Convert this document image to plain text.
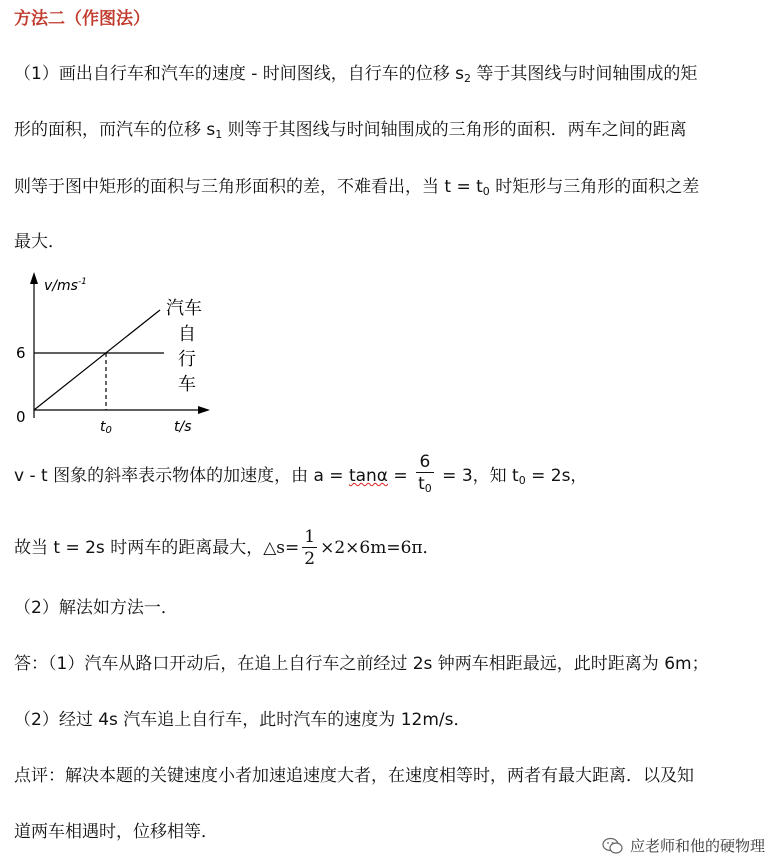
方法二（作图法）
（1）画出自行车和汽车的速度 - 时间图线，自行车的位移 $s_2$ 等于其图线与时间轴围成的矩
形的面积，而汽车的位移 $s_1$ 则等于其图线与时间轴围成的三角形的面积．两车之间的距离
则等于图中矩形的面积与三角形面积的差，不难看出，当 $t = t_0$ 时矩形与三角形的面积之差
最大．
$v/ms^{-1}$
6
0
t0	t/s
汽车
自
行
车
v - t 图象的斜率表示物体的加速度，由 $a = \tan\alpha = \frac{6}{t_0} = 3$，知 $t_0 = 2s$，
故当 t = 2s 时两车的距离最大，△s= $\frac{1}{2} \times 2\times 6m=6\pi$．
（2）解法如方法一．
答：（1）汽车从路口开动后，在追上自行车之前经过 2s 钟两车相距最远，此时距离为 6m；
（2）经过 4s 汽车追上自行车，此时汽车的速度为 12m/s．
点评：解决本题的关键速度小者加速追速度大者，在速度相等时，两者有最大距离．以及知
道两车相遇时，位移相等．
应老师和他的硬物理
